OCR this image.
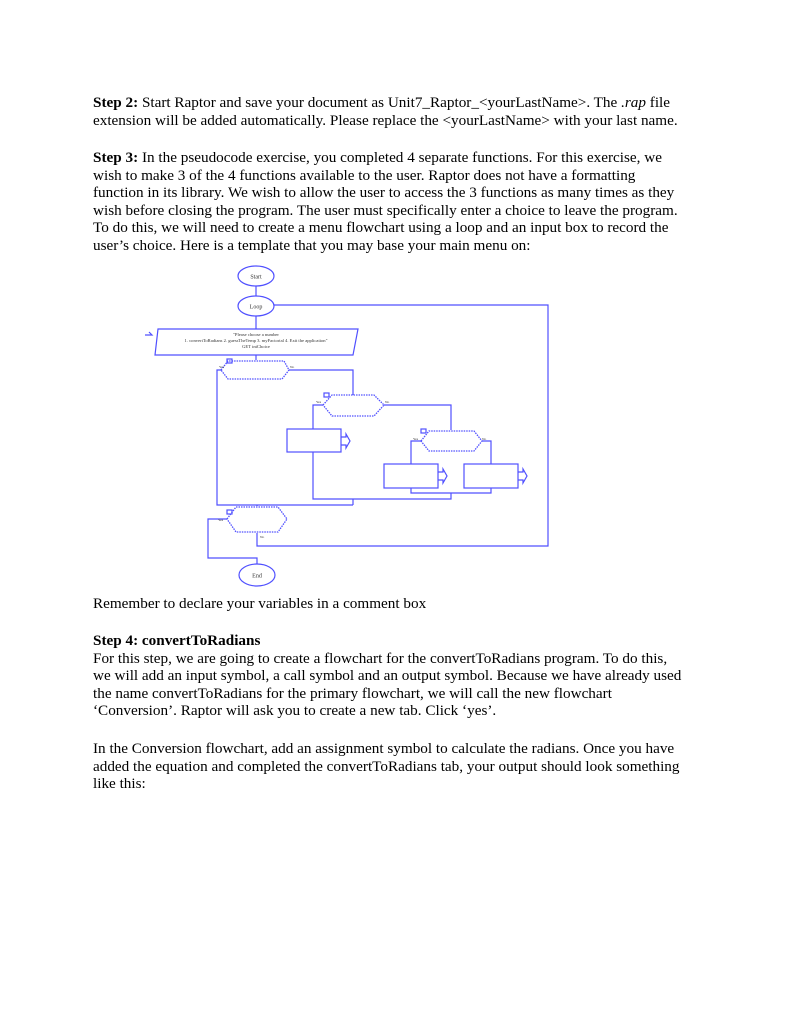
Step 2: Start Raptor and save your document as Unit7_Raptor_<yourLastName>. The .rap file
extension will be added automatically. Please replace the <yourLastName> with your last name.
Step 3: In the pseudocode exercise, you completed 4 separate functions. For this exercise, we
wish to make 3 of the 4 functions available to the user. Raptor does not have a formatting
function in its library. We wish to allow the user to access the 3 functions as many times as they
wish before closing the program. The user must specifically enter a choice to leave the program.
To do this, we will need to create a menu flowchart using a loop and an input box to record the
user’s choice. Here is a template that you may base your main menu on:
Start
Loop
"Please choose a number
1. convertToRadians 2. guessTheTemp 3. myFactorial 4. Exit the application"
GET intChoice
Yes	No
Yes	No
Yes	No
Yes
No
End
Remember to declare your variables in a comment box
Step 4: convertToRadians
For this step, we are going to create a flowchart for the convertToRadians program. To do this,
we will add an input symbol, a call symbol and an output symbol. Because we have already used
the name convertToRadians for the primary flowchart, we will call the new flowchart
‘Conversion’. Raptor will ask you to create a new tab. Click ‘yes’.
In the Conversion flowchart, add an assignment symbol to calculate the radians. Once you have
added the equation and completed the convertToRadians tab, your output should look something
like this:
